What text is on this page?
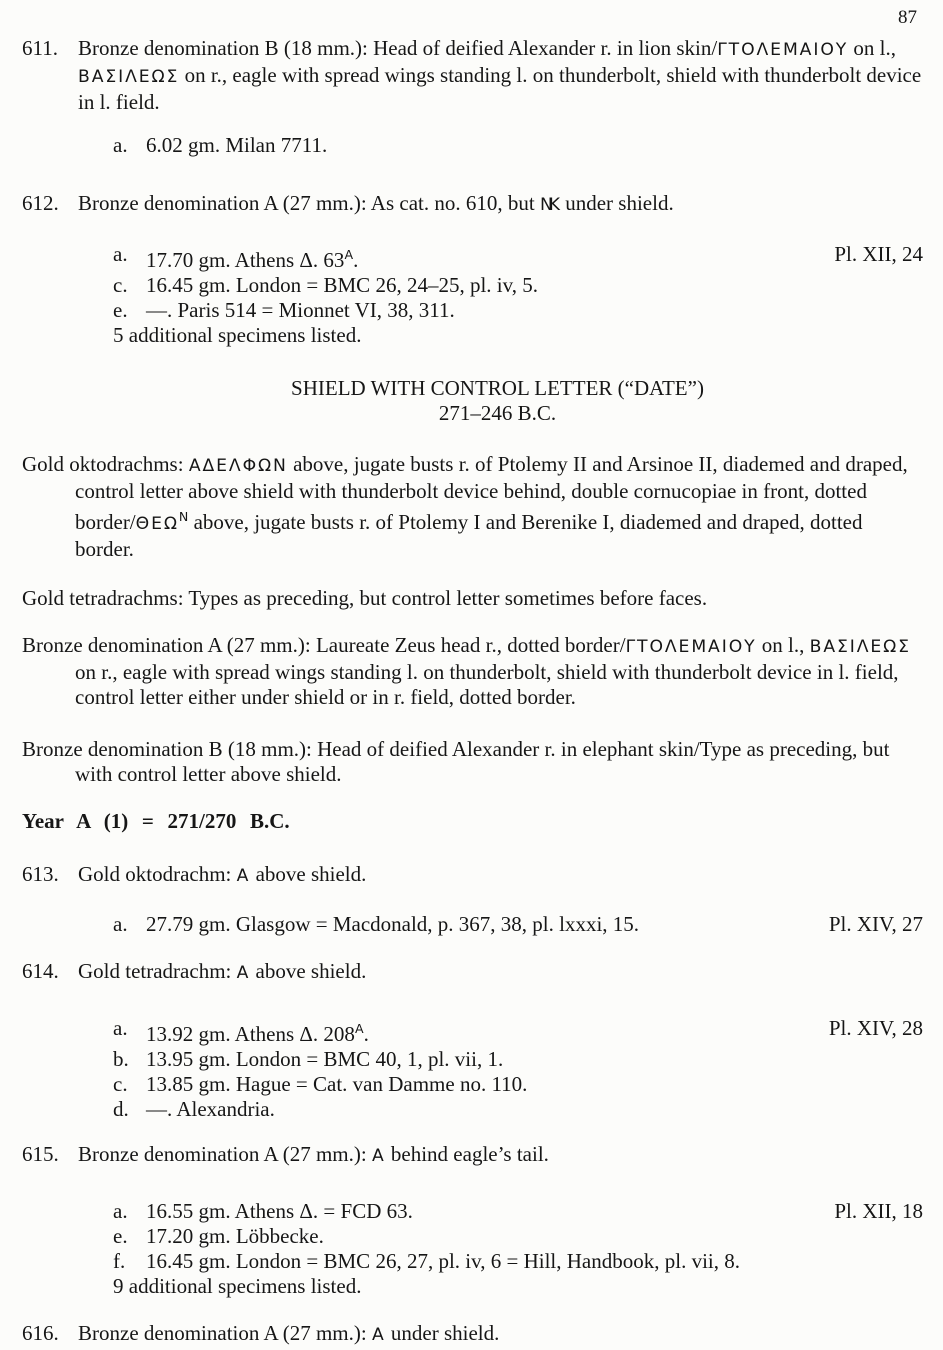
87
611. Bronze denomination B (18 mm.): Head of deified Alexander r. in lion skin/ΓΤΟΛΕΜΑΙΟΥ on l., ΒΑΣΙΛΕΩΣ on r., eagle with spread wings standing l. on thunderbolt, shield with thunderbolt device in l. field.
a. 6.02 gm. Milan 7711.
612. Bronze denomination A (27 mm.): As cat. no. 610, but NK under shield.
a. 17.70 gm. Athens Δ. $63^A$.	Pl. XII, 24
c. 16.45 gm. London = BMC 26, 24–25, pl. iv, 5.
e. —. Paris 514 = Mionnet VI, 38, 311.
5 additional specimens listed.
SHIELD WITH CONTROL LETTER (“DATE”)
271–246 B.C.
Gold oktodrachms: ΑΔΕΛΦΩΝ above, jugate busts r. of Ptolemy II and Arsinoe II, diademed and draped, control letter above shield with thunderbolt device behind, double cornucopiae in front, dotted border/$\Theta E\Omega^N$ above, jugate busts r. of Ptolemy I and Berenike I, diademed and draped, dotted border.
Gold tetradrachms: Types as preceding, but control letter sometimes before faces.
Bronze denomination A (27 mm.): Laureate Zeus head r., dotted border/ΓΤΟΛΕΜΑΙΟΥ on l., ΒΑΣΙΛΕΩΣ on r., eagle with spread wings standing l. on thunderbolt, shield with thunderbolt device in l. field, control letter either under shield or in r. field, dotted border.
Bronze denomination B (18 mm.): Head of deified Alexander r. in elephant skin/Type as preceding, but with control letter above shield.
Year A (1) = 271/270 B.C.
613. Gold oktodrachm: A above shield.
a. 27.79 gm. Glasgow = Macdonald, p. 367, 38, pl. lxxxi, 15.	Pl. XIV, 27
614. Gold tetradrachm: A above shield.
a. 13.92 gm. Athens Δ. $208^A$.	Pl. XIV, 28
b. 13.95 gm. London = BMC 40, 1, pl. vii, 1.
c. 13.85 gm. Hague = Cat. van Damme no. 110.
d. —. Alexandria.
615. Bronze denomination A (27 mm.): A behind eagle’s tail.
a. 16.55 gm. Athens Δ. = FCD 63.	Pl. XII, 18
e. 17.20 gm. Löbbecke.
f. 16.45 gm. London = BMC 26, 27, pl. iv, 6 = Hill, Handbook, pl. vii, 8.
9 additional specimens listed.
616. Bronze denomination A (27 mm.): A under shield.
